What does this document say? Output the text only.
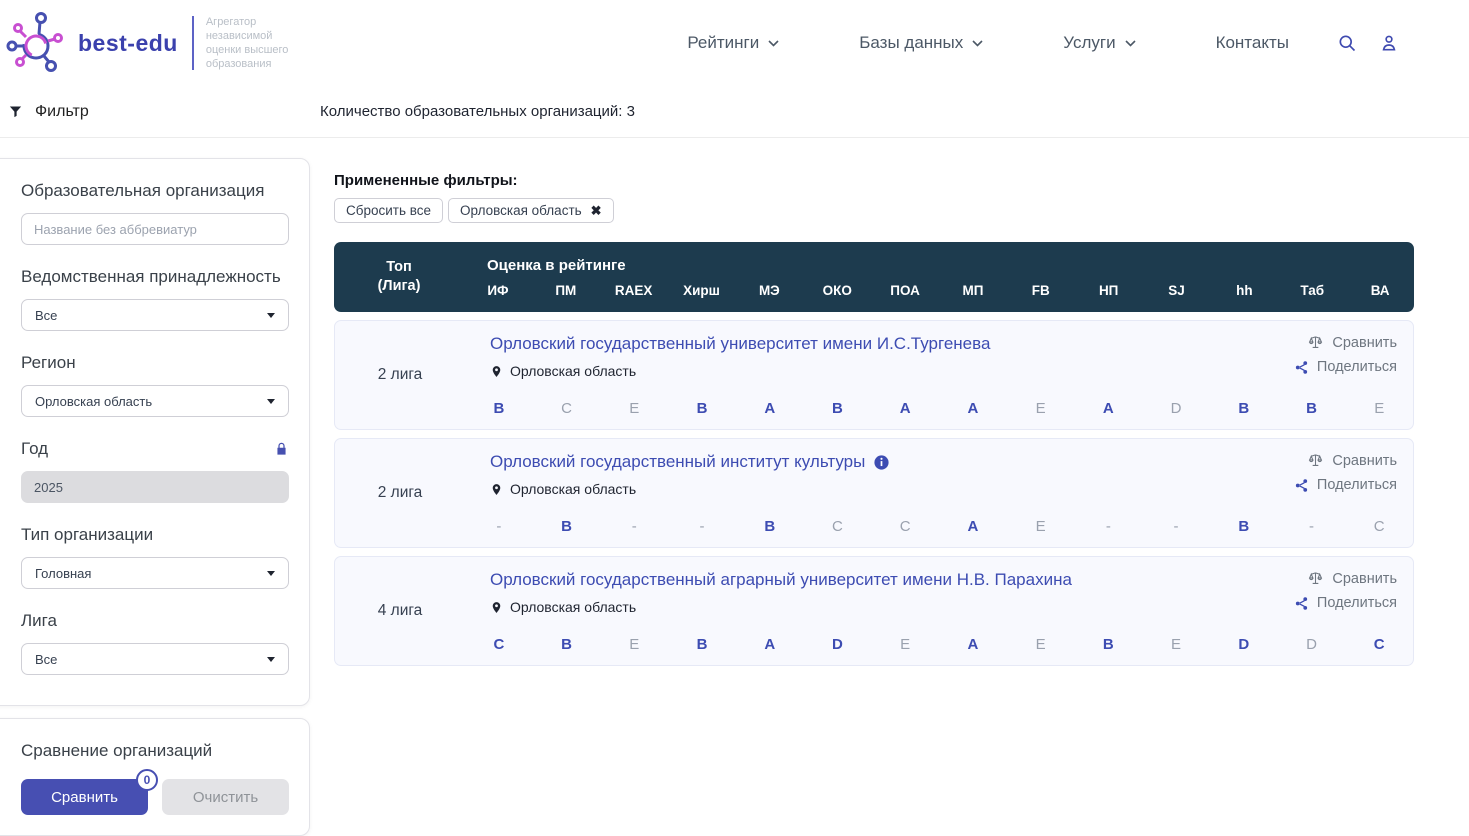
best-edu
Агрегатор
независимой
оценки высшего
образования
Рейтинги	Базы данных	Услуги	Контакты
Фильтр	Количество образовательных организаций: 3
Образовательная организация
Название без аббревиатур
Ведомственная принадлежность
Все
Регион
Орловская область
Год
2025
Тип организации
Головная
Лига
Все
Сравнение организаций
Сравнить
0
Очистить
Примененные фильтры:
Сбросить все Орловская область ✖
Топ
(Лига)
Оценка в рейтинге
ИФ	ПМ	RAEX	Хирш	МЭ	ОКО	ПОА	МП	FB	НП	SJ	hh	Таб	ВА
2 лига
Орловский государственный университет имени И.С.Тургенева
Орловская область
B	C	E	B	A	B	A	A	E	A	D	B	B	E
Сравнить
Поделиться
2 лига
Орловский государственный институт культуры
Орловская область
-	B	-	-	B	C	C	A	E	-	-	B	-	C
Сравнить
Поделиться
4 лига
Орловский государственный аграрный университет имени Н.В. Парахина
Орловская область
C	B	E	B	A	D	E	A	E	B	E	D	D	C
Сравнить
Поделиться
